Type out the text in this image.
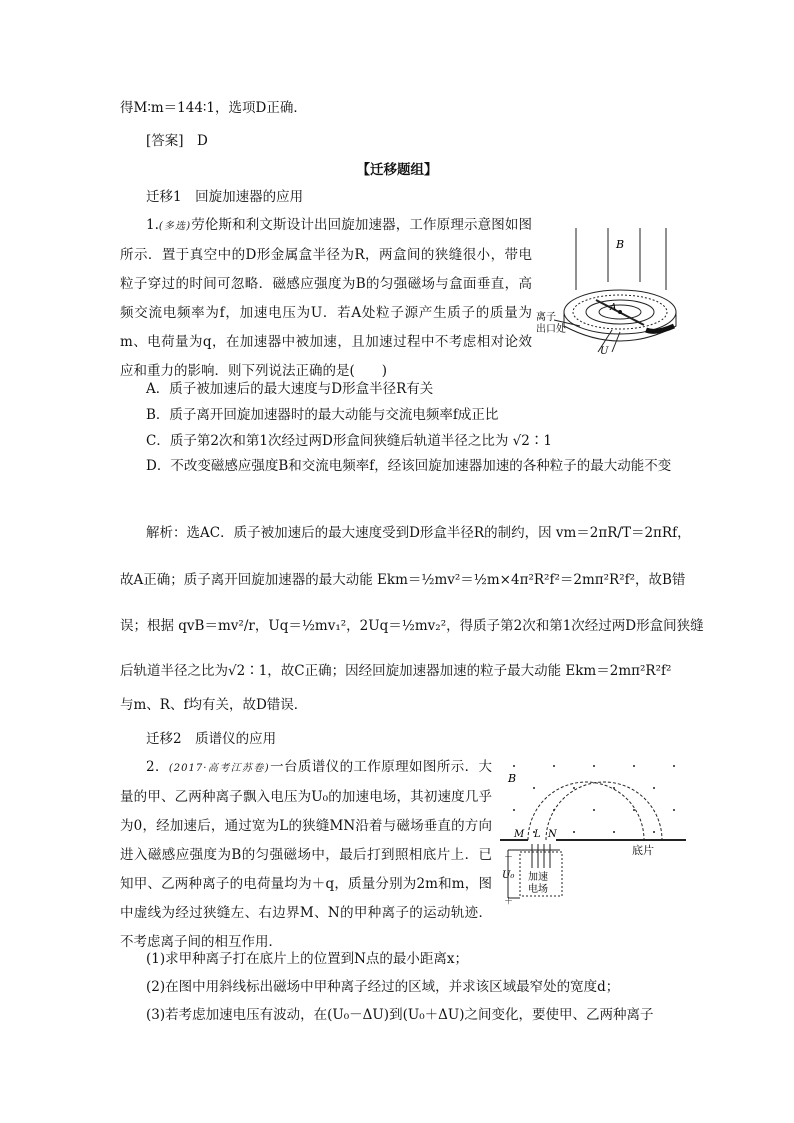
得M∶m＝144∶1，选项D正确．
[答案]　D
【迁移题组】
迁移1　回旋加速器的应用
1.(多选)劳伦斯和利文斯设计出回旋加速器，工作原理示意图如图所示．置于真空中的D形金属盒半径为R，两盒间的狭缝很小，带电粒子穿过的时间可忽略．磁感应强度为B的匀强磁场与盒面垂直，高频交流电频率为f，加速电压为U．若A处粒子源产生质子的质量为m、电荷量为q，在加速器中被加速，且加速过程中不考虑相对论效应和重力的影响．则下列说法正确的是(　　)
B
A
U
离子
出口处
A．质子被加速后的最大速度与D形盒半径R有关
B．质子离开回旋加速器时的最大动能与交流电频率f成正比
C．质子第2次和第1次经过两D形盒间狭缝后轨道半径之比为 √2∶1
D．不改变磁感应强度B和交流电频率f，经该回旋加速器加速的各种粒子的最大动能不变
解析：选AC．质子被加速后的最大速度受到D形盒半径R的制约，因 vm＝2πR/T＝2πRf，
故A正确；质子离开回旋加速器的最大动能 Ekm＝½mv²＝½m×4π²R²f²＝2mπ²R²f²，故B错
误；根据 qvB＝mv²/r，Uq＝½mv₁²，2Uq＝½mv₂²，得质子第2次和第1次经过两D形盒间狭缝
后轨道半径之比为√2∶1，故C正确；因经回旋加速器加速的粒子最大动能 Ekm＝2mπ²R²f²
与m、R、f均有关，故D错误．
迁移2　质谱仪的应用
2．(2017·高考江苏卷)一台质谱仪的工作原理如图所示．大量的甲、乙两种离子飘入电压为U₀的加速电场，其初速度几乎为0，经加速后，通过宽为L的狭缝MN沿着与磁场垂直的方向进入磁感应强度为B的匀强磁场中，最后打到照相底片上．已知甲、乙两种离子的电荷量均为＋q，质量分别为2m和m，图中虚线为经过狭缝左、右边界M、N的甲种离子的运动轨迹．不考虑离子间的相互作用．
B
M L N
底片
U₀ 加速
电场
－
＋
(1)求甲种离子打在底片上的位置到N点的最小距离x；
(2)在图中用斜线标出磁场中甲种离子经过的区域，并求该区域最窄处的宽度d；
(3)若考虑加速电压有波动，在(U₀－ΔU)到(U₀＋ΔU)之间变化，要使甲、乙两种离子
